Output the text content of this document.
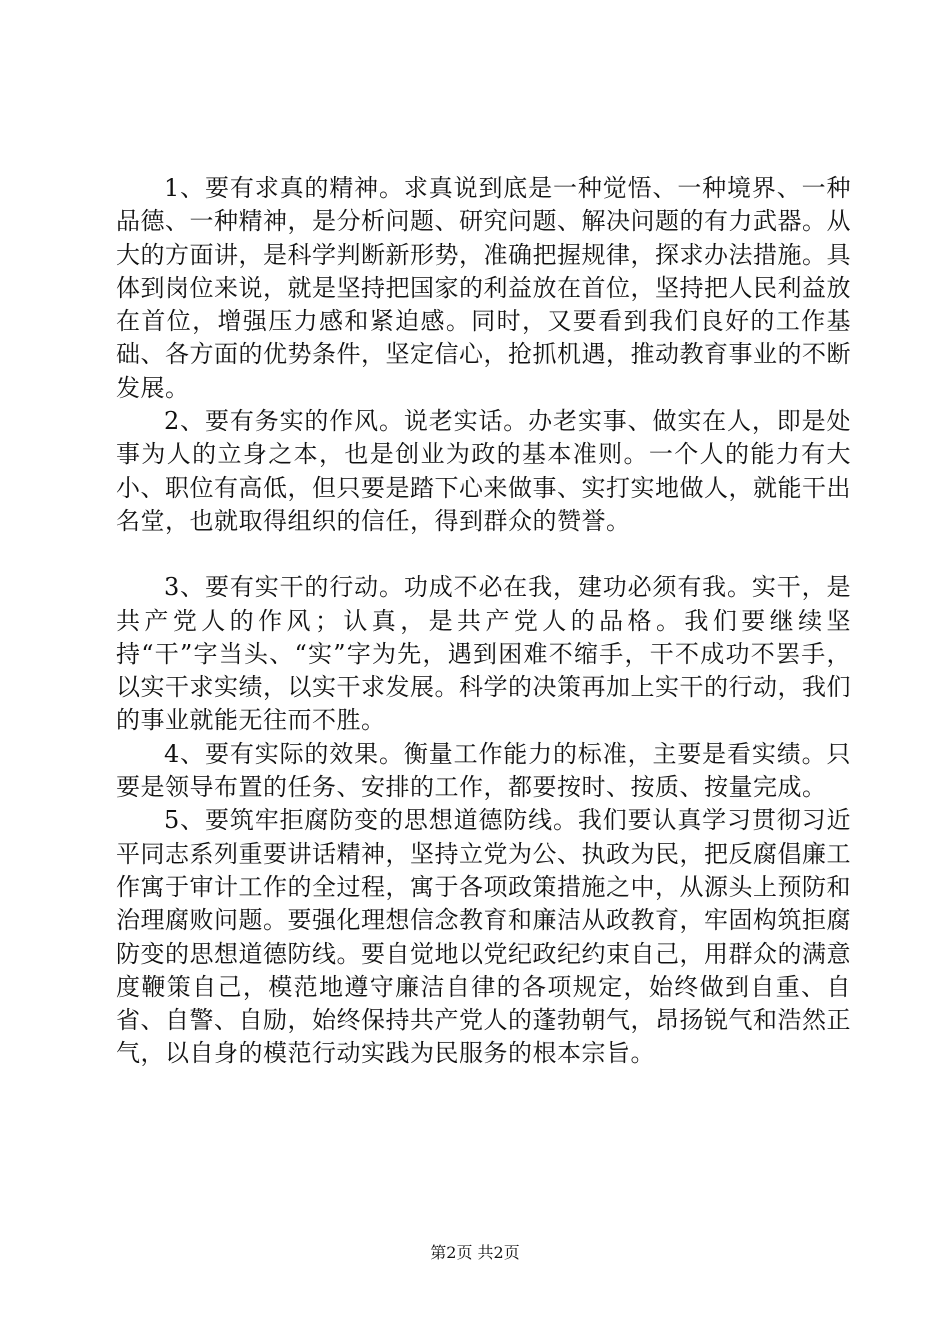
1、要有求真的精神。求真说到底是一种觉悟、一种境界、一种品德、一种精神，是分析问题、研究问题、解决问题的有力武器。从大的方面讲，是科学判断新形势，准确把握规律，探求办法措施。具体到岗位来说，就是坚持把国家的利益放在首位，坚持把人民利益放在首位，增强压力感和紧迫感。同时，又要看到我们良好的工作基础、各方面的优势条件，坚定信心，抢抓机遇，推动教育事业的不断发展。

2、要有务实的作风。说老实话。办老实事、做实在人，即是处事为人的立身之本，也是创业为政的基本准则。一个人的能力有大小、职位有高低，但只要是踏下心来做事、实打实地做人，就能干出名堂，也就取得组织的信任，得到群众的赞誉。

3、要有实干的行动。功成不必在我，建功必须有我。实干，是共产党人的作风；认真，是共产党人的品格。我们要继续坚持“干”字当头、“实”字为先，遇到困难不缩手，干不成功不罢手，以实干求实绩，以实干求发展。科学的决策再加上实干的行动，我们的事业就能无往而不胜。

4、要有实际的效果。衡量工作能力的标准，主要是看实绩。只要是领导布置的任务、安排的工作，都要按时、按质、按量完成。

5、要筑牢拒腐防变的思想道德防线。我们要认真学习贯彻习近平同志系列重要讲话精神，坚持立党为公、执政为民，把反腐倡廉工作寓于审计工作的全过程，寓于各项政策措施之中，从源头上预防和治理腐败问题。要强化理想信念教育和廉洁从政教育，牢固构筑拒腐防变的思想道德防线。要自觉地以党纪政纪约束自己，用群众的满意度鞭策自己，模范地遵守廉洁自律的各项规定，始终做到自重、自省、自警、自励，始终保持共产党人的蓬勃朝气，昂扬锐气和浩然正气，以自身的模范行动实践为民服务的根本宗旨。

第2页 共2页
